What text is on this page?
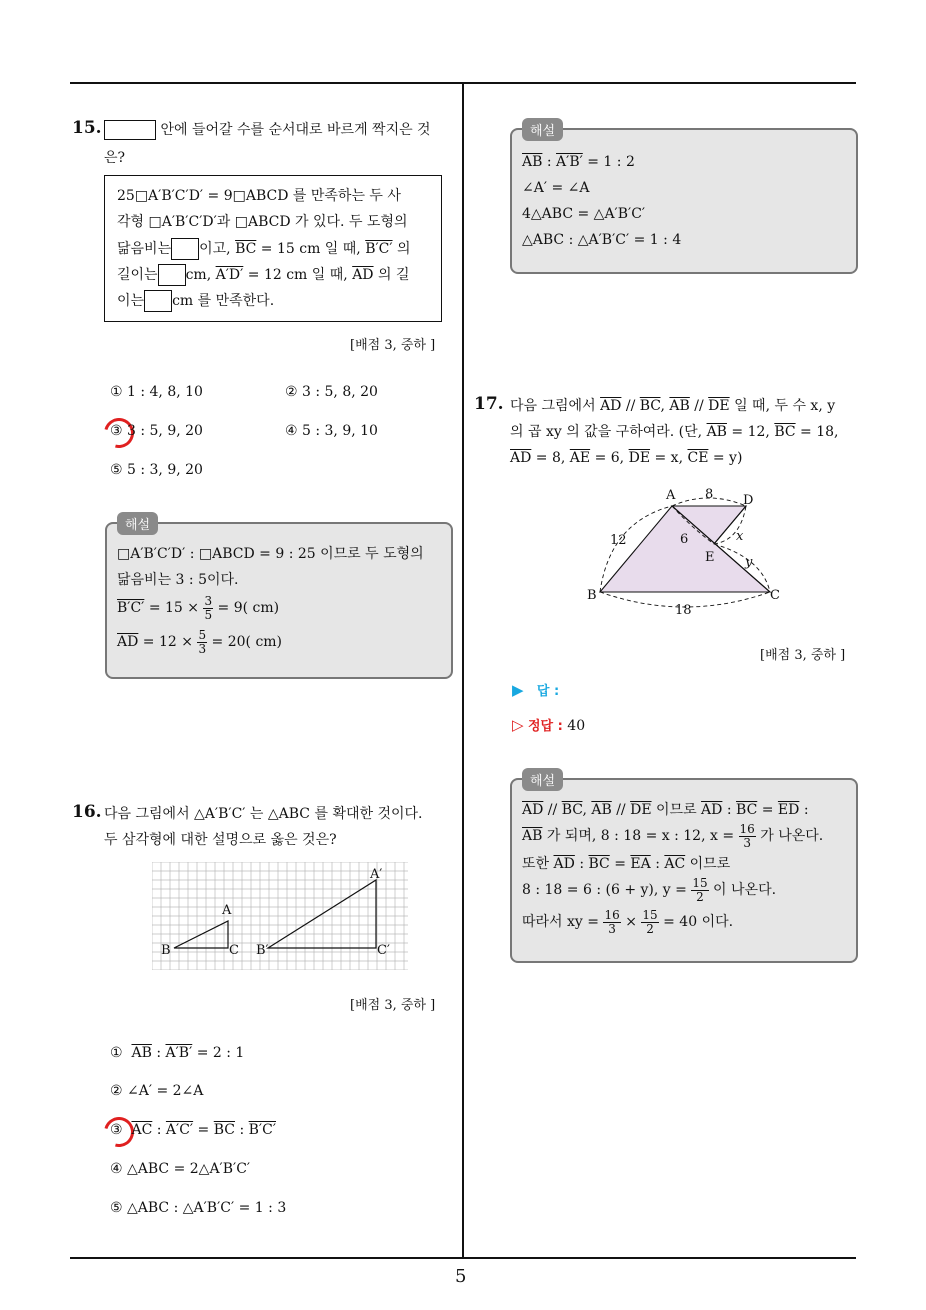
5
15.	안에 들어갈 수를 순서대로 바르게 짝지은 것
은?
25□A′B′C′D′ = 9□ABCD 를 만족하는 두 사
각형 □A′B′C′D′과 □ABCD 가 있다. 두 도형의
닮음비는 이고, $\overline{BC} = 15$ cm 일 때, B′C′ 의
길이는 cm, A′D′ = 12 cm 일 때, $\overline{AD}$ 의 길
이는 cm 를 만족한다.
[배점 3, 중하 ]
① 1 : 4, 8, 10	② 3 : 5, 8, 20
③ 3 : 5, 9, 20	④ 5 : 3, 9, 10
⑤ 5 : 3, 9, 20
해설
□A′B′C′D′ : □ABCD = 9 : 25 이므로 두 도형의
닮음비는 3 : 5이다.
$B'C' = 15 \times \frac{3}{5} = 9$( cm)
$\overline{AD} = 12 \times \frac{5}{3} = 20$( cm)
16. 다음 그림에서 △A′B′C′ 는 △ABC 를 확대한 것이다.
두 삼각형에 대한 설명으로 옳은 것은?
A
B	C
A′
B′	C′
[배점 3, 중하 ]
① $\overline{AB}$ : A′B′ = 2 : 1
② ∠A′ = 2∠A
③ $\overline{AC}$ : $A'C' = \overline{BC}$ : B′C′
④ △ABC = 2△A′B′C′
⑤ △ABC : △A′B′C′ = 1 : 3
해설
$\overline{AB}$ : A′B′ = 1 : 2
∠A′ = ∠A
4△ABC = △A′B′C′
△ABC : △A′B′C′ = 1 : 4
17. 다음 그림에서 $\overline{AD} // \overline{BC}$, $\overline{AB} // \overline{DE}$ 일 때, 두 수 x, y
의 곱 xy 의 값을 구하여라. (단, $\overline{AB} = 12$, $\overline{BC} = 18$,
$\overline{AD} = 8$, $\overline{AE} = 6$, $\overline{DE} = x$, $\overline{CE} = y$)
A	D
B	C
E
8
12
18
6	x
y
[배점 3, 중하 ]
▶ 답 :
▷ 정답 : 40
해설
$\overline{AD} // \overline{BC}$, $\overline{AB} // \overline{DE}$ 이므로 $\overline{AD}$ : $\overline{BC} = \overline{ED}$ :
$\overline{AB}$ 가 되며, 8 : 18 = x : 12, $x = \frac{16}{3}$ 가 나온다.
또한 $\overline{AD}$ : $\overline{BC} = \overline{EA}$ : $\overline{AC}$ 이므로
8 : 18 = 6 : (6 + y), $y = \frac{15}{2}$ 이 나온다.
따라서 xy = $\frac{16}{3} \times \frac{15}{2} = 40$ 이다.
